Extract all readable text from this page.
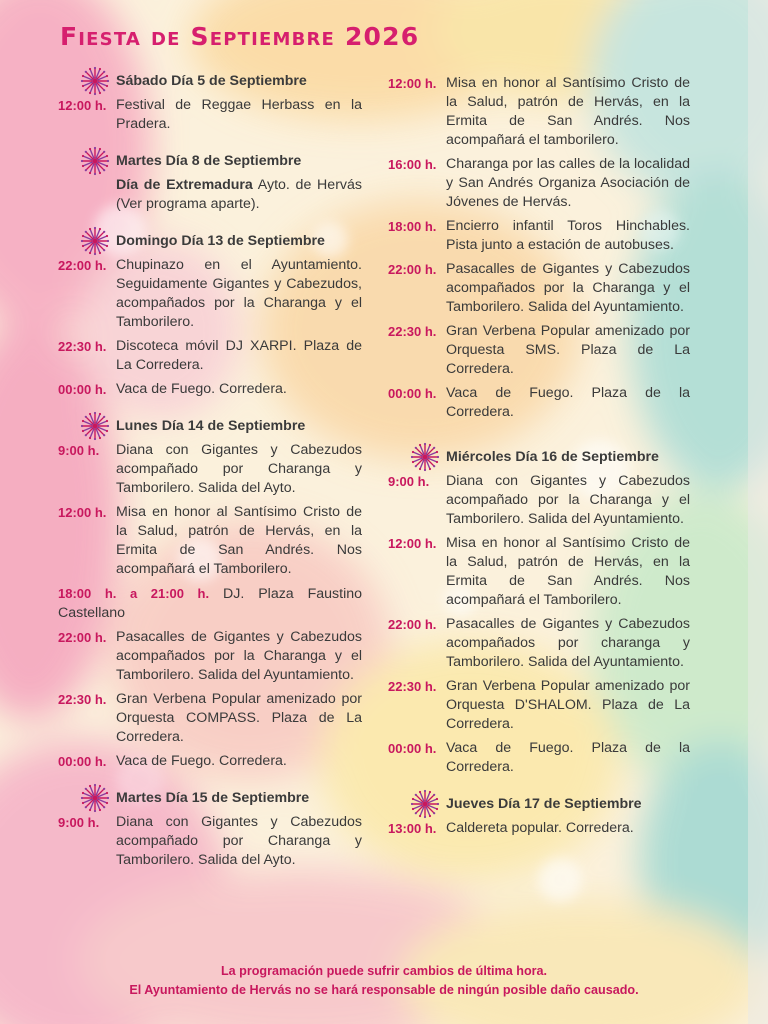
Fiesta de Septiembre 2026
Sábado Día 5 de Septiembre
12:00 h. Festival de Reggae Herbass en la Pradera.
Martes Día 8 de Septiembre
Día de Extremadura Ayto. de Hervás (Ver programa aparte).
Domingo Día 13 de Septiembre
22:00 h. Chupinazo en el Ayuntamiento. Seguidamente Gigantes y Cabezudos, acompañados por la Charanga y el Tamborilero.
22:30 h. Discoteca móvil DJ XARPI. Plaza de La Corredera.
00:00 h. Vaca de Fuego. Corredera.
Lunes Día 14 de Septiembre
9:00 h.	Diana con Gigantes y Cabezudos acompañado por Charanga y Tamborilero. Salida del Ayto.
12:00 h. Misa en honor al Santísimo Cristo de la Salud, patrón de Hervás, en la Ermita de San Andrés. Nos acompañará el Tamborilero.
18:00 h. a 21:00 h. DJ. Plaza Faustino Castellano
22:00 h. Pasacalles de Gigantes y Cabezudos acompañados por la Charanga y el Tamborilero. Salida del Ayuntamiento.
22:30 h. Gran Verbena Popular amenizado por Orquesta COMPASS. Plaza de La Corredera.
00:00 h. Vaca de Fuego. Corredera.
Martes Día 15 de Septiembre
9:00 h.	Diana con Gigantes y Cabezudos acompañado por Charanga y Tamborilero. Salida del Ayto.
12:00 h. Misa en honor al Santísimo Cristo de la Salud, patrón de Hervás, en la Ermita de San Andrés. Nos acompañará el tamborilero.
16:00 h. Charanga por las calles de la localidad y San Andrés Organiza Asociación de Jóvenes de Hervás.
18:00 h. Encierro infantil Toros Hinchables. Pista junto a estación de autobuses.
22:00 h. Pasacalles de Gigantes y Cabezudos acompañados por la Charanga y el Tamborilero. Salida del Ayuntamiento.
22:30 h. Gran Verbena Popular amenizado por Orquesta SMS. Plaza de La Corredera.
00:00 h. Vaca de Fuego. Plaza de la Corredera.
Miércoles Día 16 de Septiembre
9:00 h.	Diana con Gigantes y Cabezudos acompañado por la Charanga y el Tamborilero. Salida del Ayuntamiento.
12:00 h. Misa en honor al Santísimo Cristo de la Salud, patrón de Hervás, en la Ermita de San Andrés. Nos acompañará el Tamborilero.
22:00 h. Pasacalles de Gigantes y Cabezudos acompañados por charanga y Tamborilero. Salida del Ayuntamiento.
22:30 h. Gran Verbena Popular amenizado por Orquesta D'SHALOM. Plaza de La Corredera.
00:00 h. Vaca de Fuego. Plaza de la Corredera.
Jueves Día 17 de Septiembre
13:00 h. Caldereta popular. Corredera.
La programación puede sufrir cambios de última hora.
El Ayuntamiento de Hervás no se hará responsable de ningún posible daño causado.
